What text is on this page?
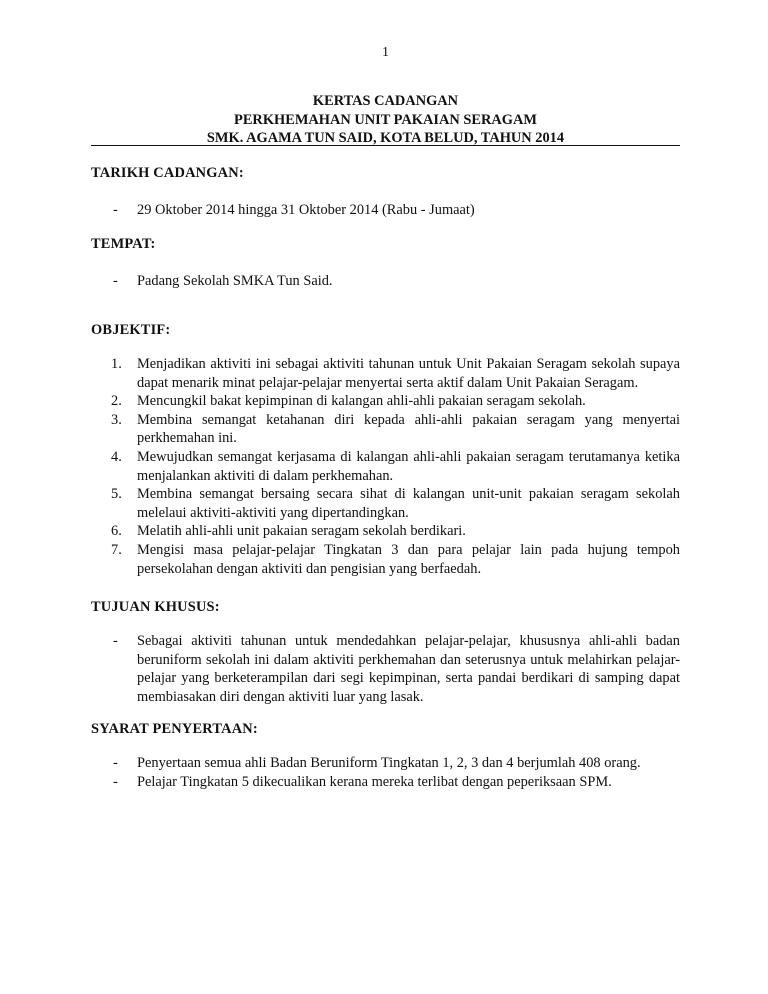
1
KERTAS CADANGAN
PERKHEMAHAN UNIT PAKAIAN SERAGAM
SMK. AGAMA TUN SAID, KOTA BELUD, TAHUN 2014
TARIKH CADANGAN:
- 29 Oktober 2014 hingga 31 Oktober 2014 (Rabu - Jumaat)
TEMPAT:
- Padang Sekolah SMKA Tun Said.
OBJEKTIF:
1. Menjadikan aktiviti ini sebagai aktiviti tahunan untuk Unit Pakaian Seragam sekolah supaya dapat menarik minat pelajar-pelajar menyertai serta aktif dalam Unit Pakaian Seragam.
2. Mencungkil bakat kepimpinan di kalangan ahli-ahli pakaian seragam sekolah.
3. Membina semangat ketahanan diri kepada ahli-ahli pakaian seragam yang menyertai perkhemahan ini.
4. Mewujudkan semangat kerjasama di kalangan ahli-ahli pakaian seragam terutamanya ketika menjalankan aktiviti di dalam perkhemahan.
5. Membina semangat bersaing secara sihat di kalangan unit-unit pakaian seragam sekolah melelaui aktiviti-aktiviti yang dipertandingkan.
6. Melatih ahli-ahli unit pakaian seragam sekolah berdikari.
7. Mengisi masa pelajar-pelajar Tingkatan 3 dan para pelajar lain pada hujung tempoh persekolahan dengan aktiviti dan pengisian yang berfaedah.
TUJUAN KHUSUS:
- Sebagai aktiviti tahunan untuk mendedahkan pelajar-pelajar, khususnya ahli-ahli badan beruniform sekolah ini dalam aktiviti perkhemahan dan seterusnya untuk melahirkan pelajar-pelajar yang berketerampilan dari segi kepimpinan, serta pandai berdikari di samping dapat membiasakan diri dengan aktiviti luar yang lasak.
SYARAT PENYERTAAN:
- Penyertaan semua ahli Badan Beruniform Tingkatan 1, 2, 3 dan 4 berjumlah 408 orang.
- Pelajar Tingkatan 5 dikecualikan kerana mereka terlibat dengan peperiksaan SPM.
